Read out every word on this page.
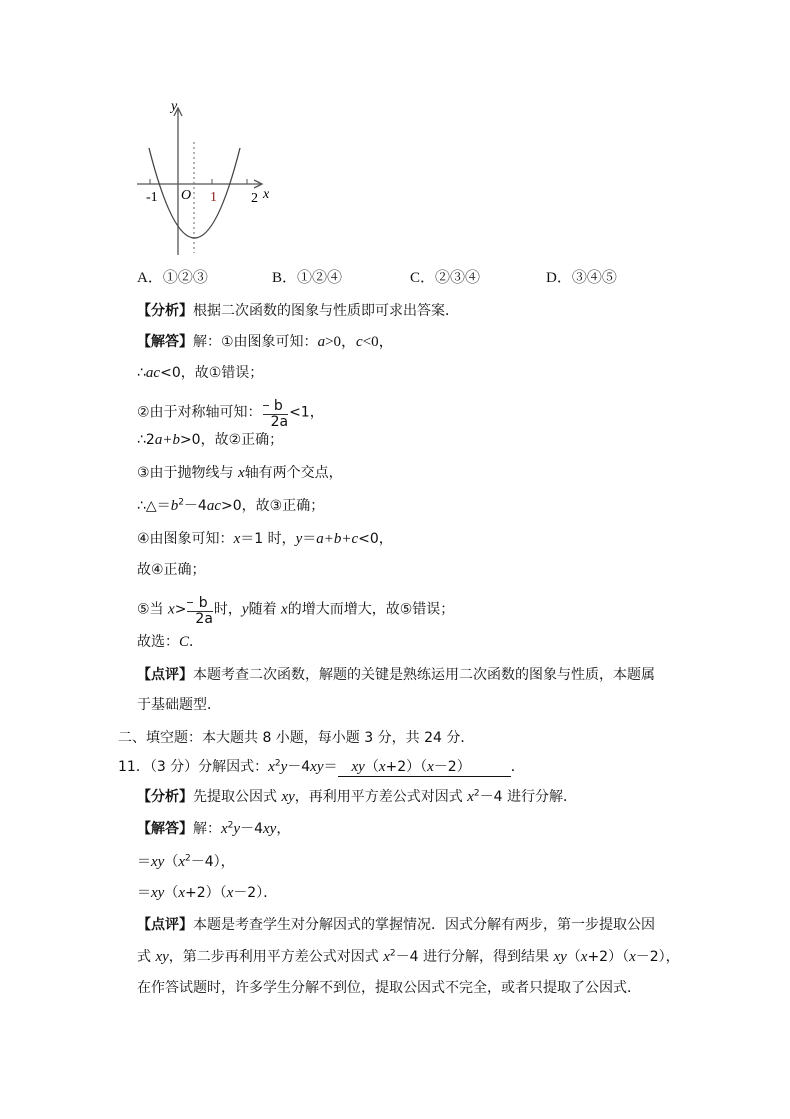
y
x
O
-1	1 2
A．①②③	B．①②④	C．②③④	D．③④⑤
【分析】根据二次函数的图象与性质即可求出答案．
【解答】解：①由图象可知：a>0，c<0，
∴ac<0，故①错误；
②由于对称轴可知： $\frac{b}{2a} <1$，
∴2a+b>0，故②正确；
③由于抛物线与 x轴有两个交点，
$\therefore\triangle=b^2-4ac>0$，故③正确；
④由图象可知：x＝1 时，y＝a+b+c<0，
故④正确；
⑤当 $x> \frac{b}{2a}$ 时，y随着 x的增大而增大，故⑤错误；
故选：C．
【点评】本题考查二次函数，解题的关键是熟练运用二次函数的图象与性质，本题属
于基础题型．
二、填空题：本大题共 8 小题，每小题 3 分，共 24 分．
11．（3 分）分解因式：$x^2y-4xy= xy(x+2)(x-2)$	．
【分析】先提取公因式 xy，再利用平方差公式对因式 $x^2-4$ 进行分解．
【解答】解：$x^2y-4xy$，
$=xy(x^2-4)$，
＝xy（x+2）（x－2）．
【点评】本题是考查学生对分解因式的掌握情况．因式分解有两步，第一步提取公因
式 xy，第二步再利用平方差公式对因式 $x^2-4$ 进行分解，得到结果 xy（x+2）（x－2），
在作答试题时，许多学生分解不到位，提取公因式不完全，或者只提取了公因式．
